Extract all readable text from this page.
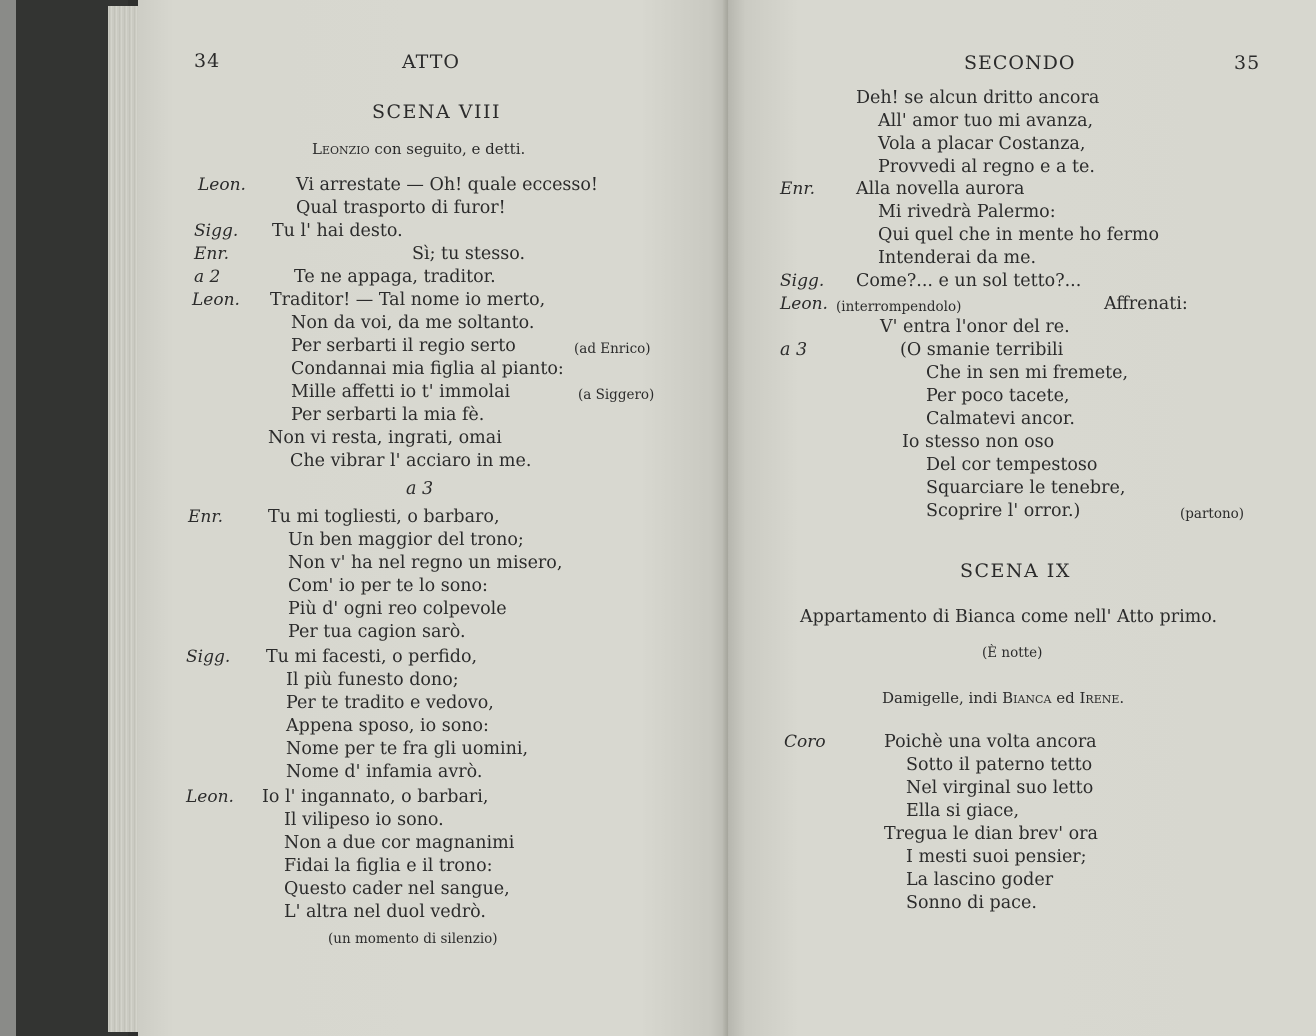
34	ATTO
SCENA VIII
Leonzio con seguito, e detti.
Leon.	Vi arrestate — Oh! quale eccesso!
Qual trasporto di furor!
Sigg. Tu l' hai desto.
Enr.	Sì; tu stesso.
a 2	Te ne appaga, traditor.
Leon. Traditor! — Tal nome io merto,
Non da voi, da me soltanto.
Per serbarti il regio serto	(ad Enrico)
Condannai mia figlia al pianto:
Mille affetti io t' immolai	(a Siggero)
Per serbarti la mia fè.
Non vi resta, ingrati, omai
Che vibrar l' acciaro in me.
a 3
Enr.	Tu mi togliesti, o barbaro,
Un ben maggior del trono;
Non v' ha nel regno un misero,
Com' io per te lo sono:
Più d' ogni reo colpevole
Per tua cagion sarò.
Sigg. Tu mi facesti, o perfido,
Il più funesto dono;
Per te tradito e vedovo,
Appena sposo, io sono:
Nome per te fra gli uomini,
Nome d' infamia avrò.
Leon. Io l' ingannato, o barbari,
Il vilipeso io sono.
Non a due cor magnanimi
Fidai la figlia e il trono:
Questo cader nel sangue,
L' altra nel duol vedrò.
(un momento di silenzio)
SECONDO	35
Deh! se alcun dritto ancora
All' amor tuo mi avanza,
Vola a placar Costanza,
Provvedi al regno e a te.
Enr. Alla novella aurora
Mi rivedrà Palermo:
Qui quel che in mente ho fermo
Intenderai da me.
Sigg. Come?... e un sol tetto?...
Leon. (interrompendolo)	Affrenati:
V' entra l'onor del re.
a 3	(O smanie terribili
Che in sen mi fremete,
Per poco tacete,
Calmatevi ancor.
Io stesso non oso
Del cor tempestoso
Squarciare le tenebre,
Scoprire l' orror.)	(partono)
SCENA IX
Appartamento di Bianca come nell' Atto primo.
(È notte)
Damigelle, indi Bianca ed Irene.
Coro	Poichè una volta ancora
Sotto il paterno tetto
Nel virginal suo letto
Ella si giace,
Tregua le dian brev' ora
I mesti suoi pensier;
La lascino goder
Sonno di pace.
